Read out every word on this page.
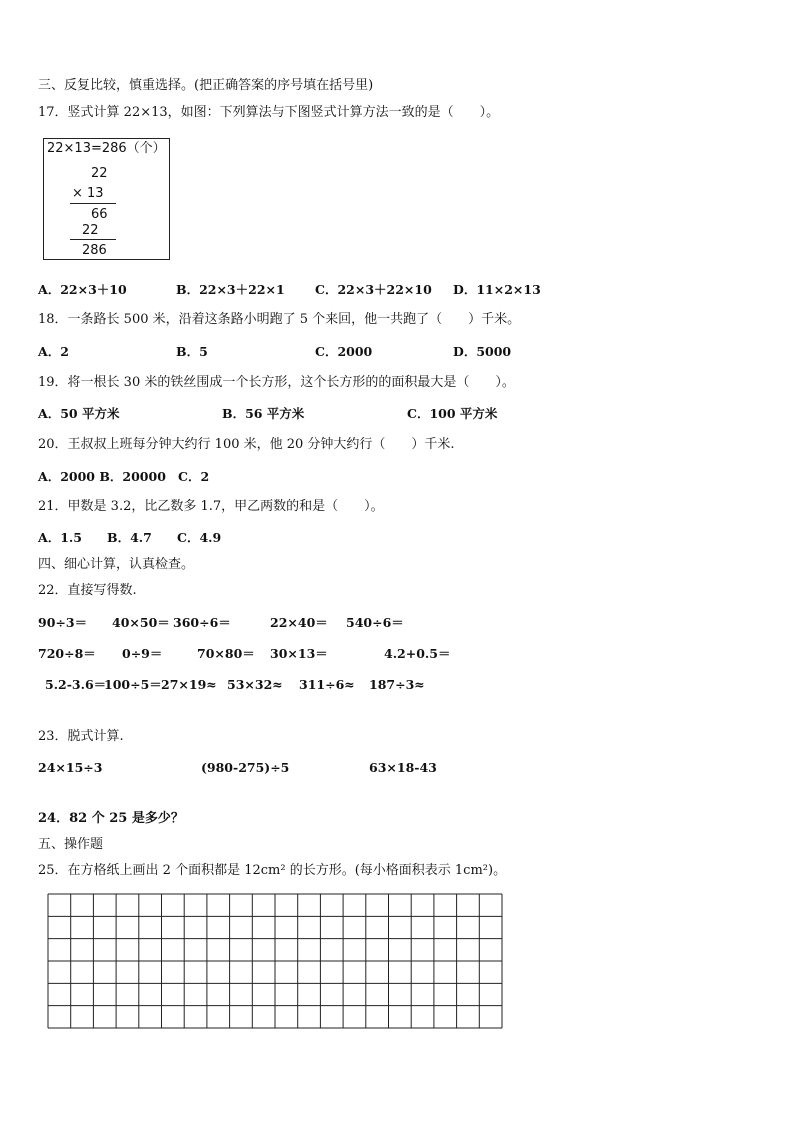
三、反复比较，慎重选择。(把正确答案的序号填在括号里)
17．竖式计算 22×13，如图：下列算法与下图竖式计算方法一致的是（　　）。
22×13=286（个）
22
× 13
66
22
286
A．22×3＋10	B．22×3＋22×1 C．22×3＋22×10 D．11×2×13
18．一条路长 500 米，沿着这条路小明跑了 5 个来回，他一共跑了（　　）千米。
A．2	B．5	C．2000	D．5000
19．将一根长 30 米的铁丝围成一个长方形，这个长方形的的面积最大是（　　）。
A．50 平方米	B．56 平方米	C．100 平方米
20．王叔叔上班每分钟大约行 100 米，他 20 分钟大约行（　　）千米.
A．2000 B．20000 C．2
21．甲数是 3.2，比乙数多 1.7，甲乙两数的和是（　　）。
A．1.5 B．4.7 C．4.9
四、细心计算，认真检查。
22．直接写得数.
90÷3＝ 40×50＝ 360÷6＝	22×40＝ 540÷6＝
720÷8＝ 0÷9＝	70×80＝ 30×13＝	4.2+0.5＝
5.2-3.6＝
100÷5＝ 27×19≈ 53×32≈ 311÷6≈ 187÷3≈
23．脱式计算.
24×15÷3	(980-275)÷5	63×18-43
24．82 个 25 是多少？
五、操作题
25．在方格纸上画出 2 个面积都是 12cm² 的长方形。(每小格面积表示 1cm²)。
